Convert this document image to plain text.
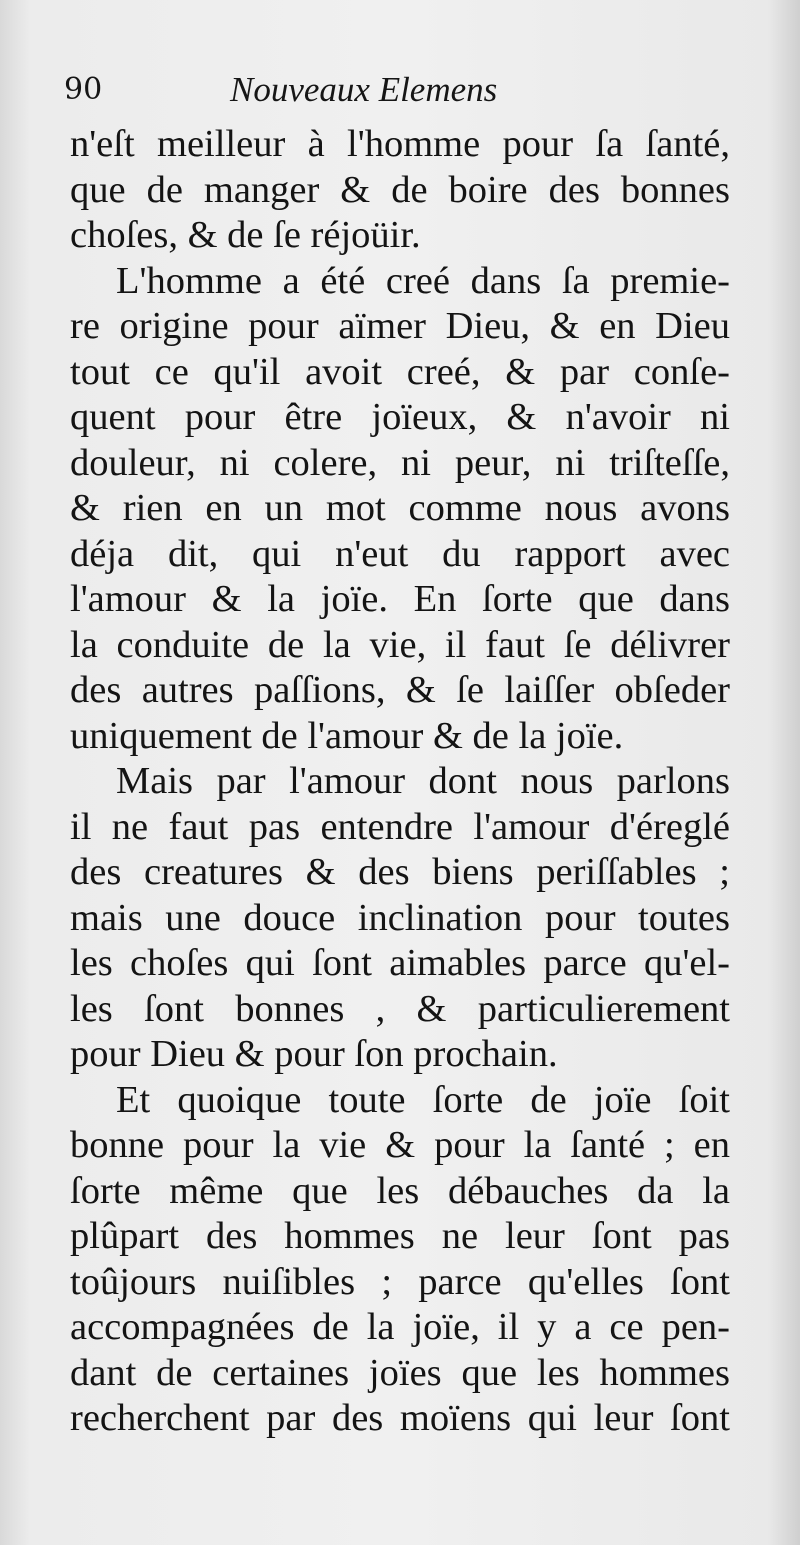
90	Nouveaux Elemens
n'eſt meilleur à l'homme pour ſa ſanté,
que de manger & de boire des bonnes
choſes, & de ſe réjoüir.
L'homme a été creé dans ſa premie-
re origine pour aïmer Dieu, & en Dieu
tout ce qu'il avoit creé, & par conſe-
quent pour être joïeux, & n'avoir ni
douleur, ni colere, ni peur, ni triſteſſe,
& rien en un mot comme nous avons
déja dit, qui n'eut du rapport avec
l'amour & la joïe. En ſorte que dans
la conduite de la vie, il faut ſe délivrer
des autres paſſions, & ſe laiſſer obſeder
uniquement de l'amour & de la joïe.
Mais par l'amour dont nous parlons
il ne faut pas entendre l'amour d'éreglé
des creatures & des biens periſſables ;
mais une douce inclination pour toutes
les choſes qui ſont aimables parce qu'el-
les ſont bonnes , & particulierement
pour Dieu & pour ſon prochain.
Et quoique toute ſorte de joïe ſoit
bonne pour la vie & pour la ſanté ; en
ſorte même que les débauches da la
plûpart des hommes ne leur ſont pas
toûjours nuiſibles ; parce qu'elles ſont
accompagnées de la joïe, il y a ce pen-
dant de certaines joïes que les hommes
recherchent par des moïens qui leur ſont
